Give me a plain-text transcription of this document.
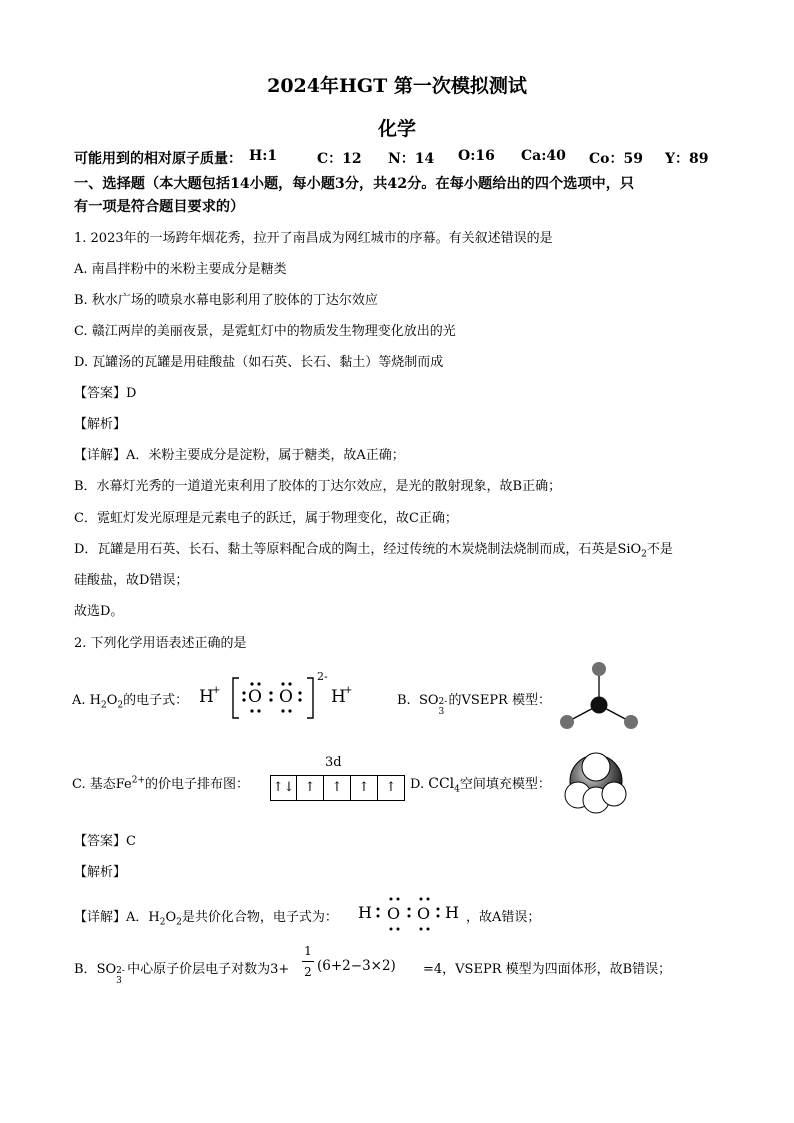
2024年HGT 第一次模拟测试
化学
可能用到的相对原子质量： H:1	C：12 N：14 O:16 Ca:40 Co：59 Y：89
一、选择题（本大题包括14小题，每小题3分，共42分。在每小题给出的四个选项中，只
有一项是符合题目要求的）
1. 2023年的一场跨年烟花秀，拉开了南昌成为网红城市的序幕。有关叙述错误的是
A. 南昌拌粉中的米粉主要成分是糖类
B. 秋水广场的喷泉水幕电影利用了胶体的丁达尔效应
C. 赣江两岸的美丽夜景，是霓虹灯中的物质发生物理变化放出的光
D. 瓦罐汤的瓦罐是用硅酸盐（如石英、长石、黏土）等烧制而成
【答案】D
【解析】
【详解】A．米粉主要成分是淀粉，属于糖类，故A正确；
B．水幕灯光秀的一道道光束利用了胶体的丁达尔效应，是光的散射现象，故B正确；
C．霓虹灯发光原理是元素电子的跃迁，属于物理变化，故C正确；
D．瓦罐是用石英、长石、黏土等原料配合成的陶土，经过传统的木炭烧制法烧制而成，石英是SiO$_2$不是
硅酸盐，故D错误；
故选D。
2. 下列化学用语表述正确的是
A. $H_2O_2$的电子式： H
+ O O
2-
H
+
B. SO 2-
3
的VSEPR 模型：
C. 基态$Fe^{2+}$的价电子排布图：
3d
↑↓ ↑	↑	↑	↑	D. CCl$_4$空间填充模型：
【答案】C
【解析】
【详解】A．$H_2O_2$是共价化合物，电子式为： H O O H ，故A错误；
B．SO 2-
3
中心原子价层电子对数为3+
1
2 (6+2−3×2) =4，VSEPR 模型为四面体形，故B错误；
